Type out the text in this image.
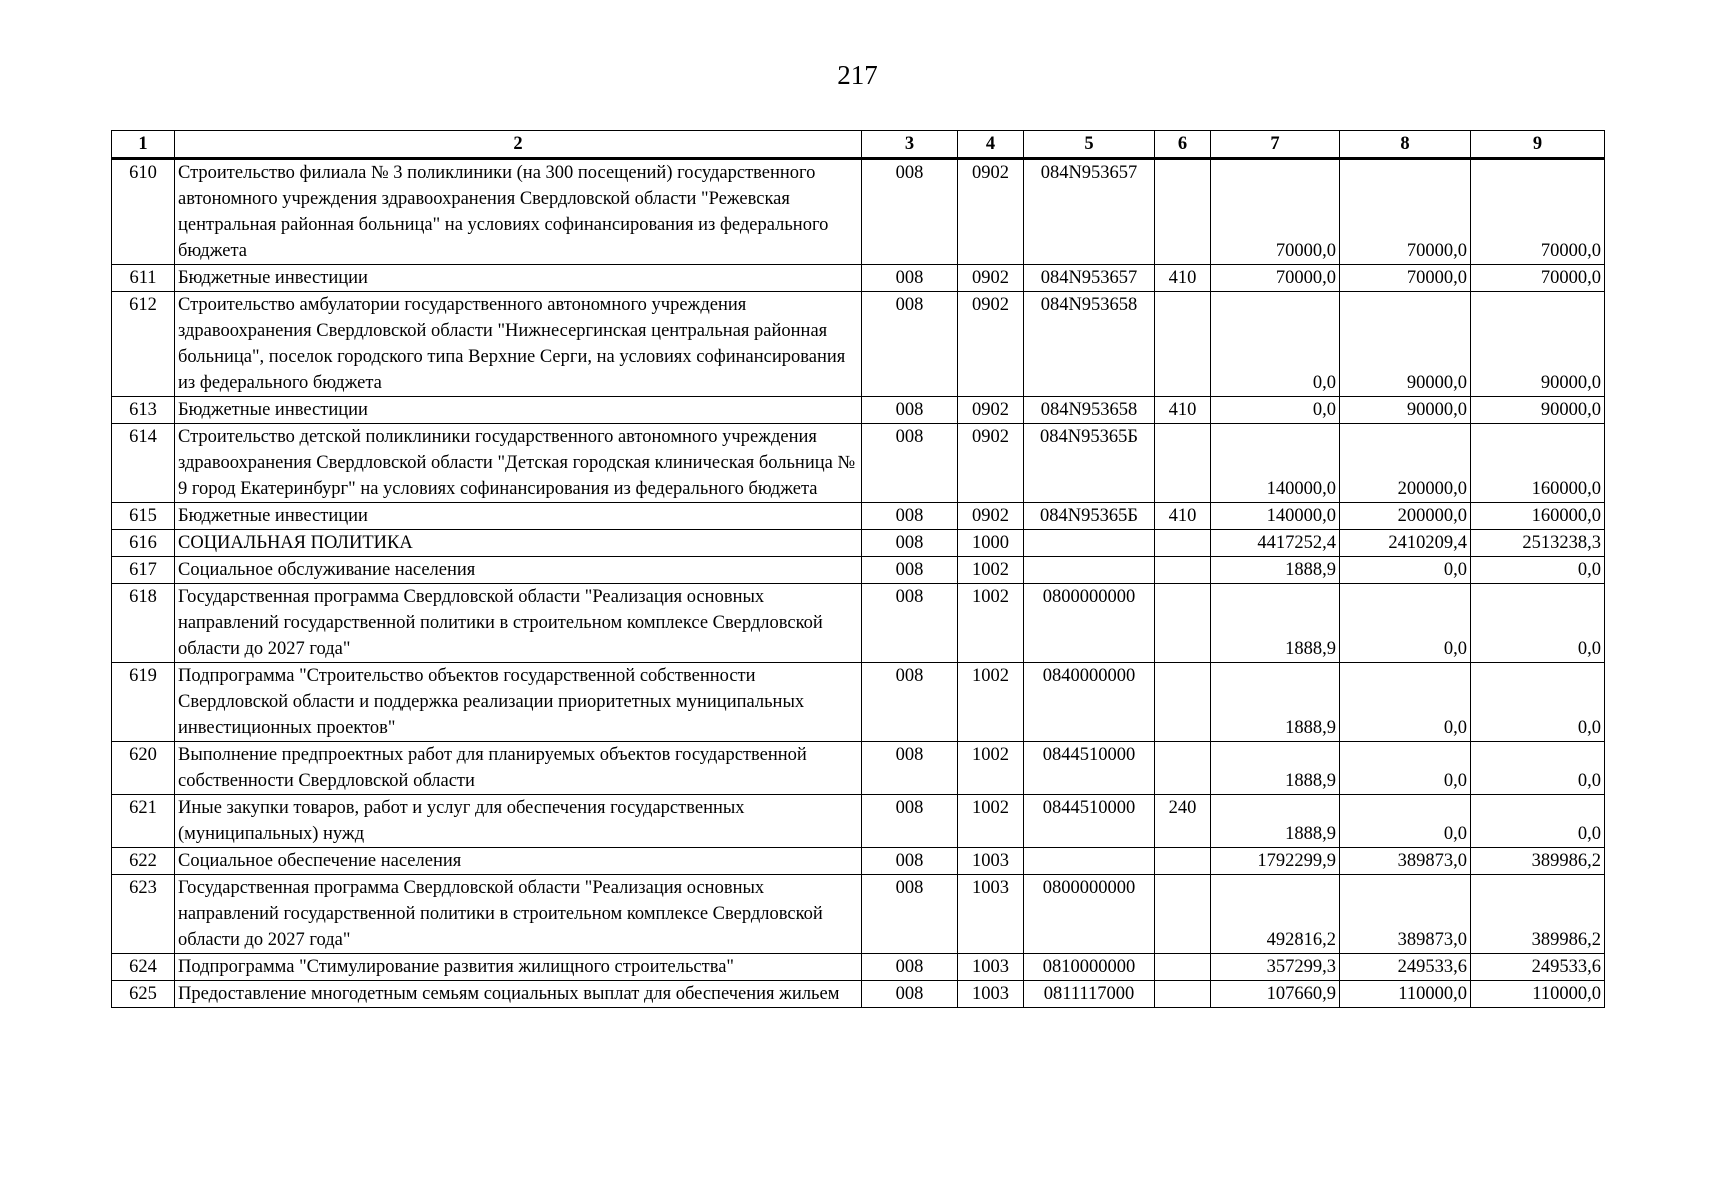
217
1	2	3	4	5	6	7	8	9
610	Строительство филиала № 3 поликлиники (на 300 посещений) государственного автономного учреждения здравоохранения Свердловской области "Режевская центральная районная больница" на условиях софинансирования из федерального бюджета	008	0902	084N953657		70000,0	70000,0	70000,0
611	Бюджетные инвестиции	008	0902	084N953657	410	70000,0	70000,0	70000,0
612	Строительство амбулатории государственного автономного учреждения здравоохранения Свердловской области "Нижнесергинская центральная районная больница", поселок городского типа Верхние Серги, на условиях софинансирования из федерального бюджета	008	0902	084N953658		0,0	90000,0	90000,0
613	Бюджетные инвестиции	008	0902	084N953658	410	0,0	90000,0	90000,0
614	Строительство детской поликлиники государственного автономного учреждения здравоохранения Свердловской области "Детская городская клиническая больница № 9 город Екатеринбург" на условиях софинансирования из федерального бюджета	008	0902	084N95365Б		140000,0	200000,0	160000,0
615	Бюджетные инвестиции	008	0902	084N95365Б	410	140000,0	200000,0	160000,0
616	СОЦИАЛЬНАЯ ПОЛИТИКА	008	1000			4417252,4	2410209,4	2513238,3
617	Социальное обслуживание населения	008	1002			1888,9	0,0	0,0
618	Государственная программа Свердловской области "Реализация основных направлений государственной политики в строительном комплексе Свердловской области до 2027 года"	008	1002	0800000000		1888,9	0,0	0,0
619	Подпрограмма "Строительство объектов государственной собственности Свердловской области и поддержка реализации приоритетных муниципальных инвестиционных проектов"	008	1002	0840000000		1888,9	0,0	0,0
620	Выполнение предпроектных работ для планируемых объектов государственной собственности Свердловской области	008	1002	0844510000		1888,9	0,0	0,0
621	Иные закупки товаров, работ и услуг для обеспечения государственных (муниципальных) нужд	008	1002	0844510000	240	1888,9	0,0	0,0
622	Социальное обеспечение населения	008	1003			1792299,9	389873,0	389986,2
623	Государственная программа Свердловской области "Реализация основных направлений государственной политики в строительном комплексе Свердловской области до 2027 года"	008	1003	0800000000		492816,2	389873,0	389986,2
624	Подпрограмма "Стимулирование развития жилищного строительства"	008	1003	0810000000		357299,3	249533,6	249533,6
625	Предоставление многодетным семьям социальных выплат для обеспечения жильем	008	1003	0811117000		107660,9	110000,0	110000,0
